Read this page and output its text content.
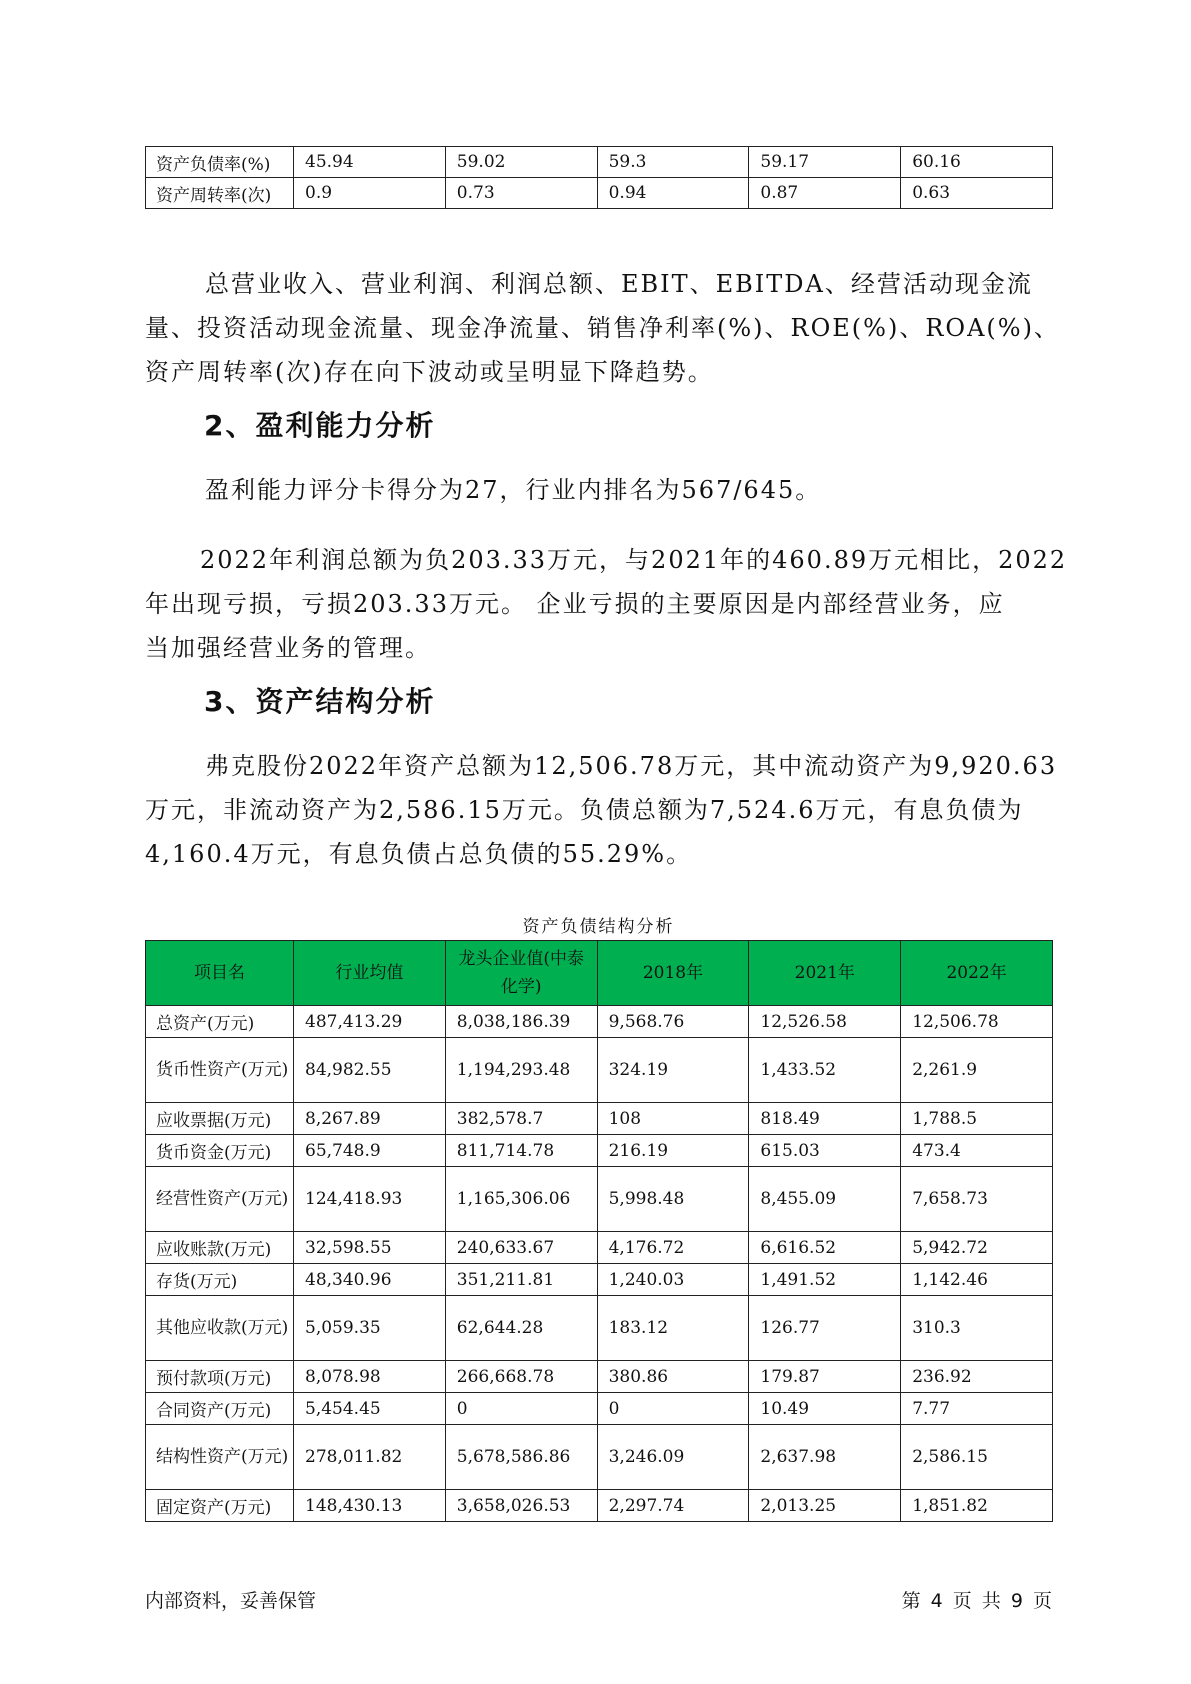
资产负债率(%)	45.94	59.02	59.3	59.17	60.16
资产周转率(次)	0.9	0.73	0.94	0.87	0.63

总营业收入、营业利润、利润总额、EBIT、EBITDA、经营活动现金流
量、投资活动现金流量、现金净流量、销售净利率(%)、ROE(%)、ROA(%)、
资产周转率(次)存在向下波动或呈明显下降趋势。

2、盈利能力分析

盈利能力评分卡得分为27，行业内排名为567/645。

2022年利润总额为负203.33万元，与2021年的460.89万元相比，2022
年出现亏损，亏损203.33万元。 企业亏损的主要原因是内部经营业务，应
当加强经营业务的管理。

3、资产结构分析

弗克股份2022年资产总额为12,506.78万元，其中流动资产为9,920.63
万元，非流动资产为2,586.15万元。负债总额为7,524.6万元，有息负债为
4,160.4万元，有息负债占总负债的55.29%。

资产负债结构分析
项目名	行业均值	龙头企业值(中泰化学)	2018年	2021年	2022年
总资产(万元)	487,413.29	8,038,186.39	9,568.76	12,526.58	12,506.78
货币性资产(万元)	84,982.55	1,194,293.48	324.19	1,433.52	2,261.9
应收票据(万元)	8,267.89	382,578.7	108	818.49	1,788.5
货币资金(万元)	65,748.9	811,714.78	216.19	615.03	473.4
经营性资产(万元)	124,418.93	1,165,306.06	5,998.48	8,455.09	7,658.73
应收账款(万元)	32,598.55	240,633.67	4,176.72	6,616.52	5,942.72
存货(万元)	48,340.96	351,211.81	1,240.03	1,491.52	1,142.46
其他应收款(万元)	5,059.35	62,644.28	183.12	126.77	310.3
预付款项(万元)	8,078.98	266,668.78	380.86	179.87	236.92
合同资产(万元)	5,454.45	0	0	10.49	7.77
结构性资产(万元)	278,011.82	5,678,586.86	3,246.09	2,637.98	2,586.15
固定资产(万元)	148,430.13	3,658,026.53	2,297.74	2,013.25	1,851.82
内部资料，妥善保管	第 4 页 共 9 页
